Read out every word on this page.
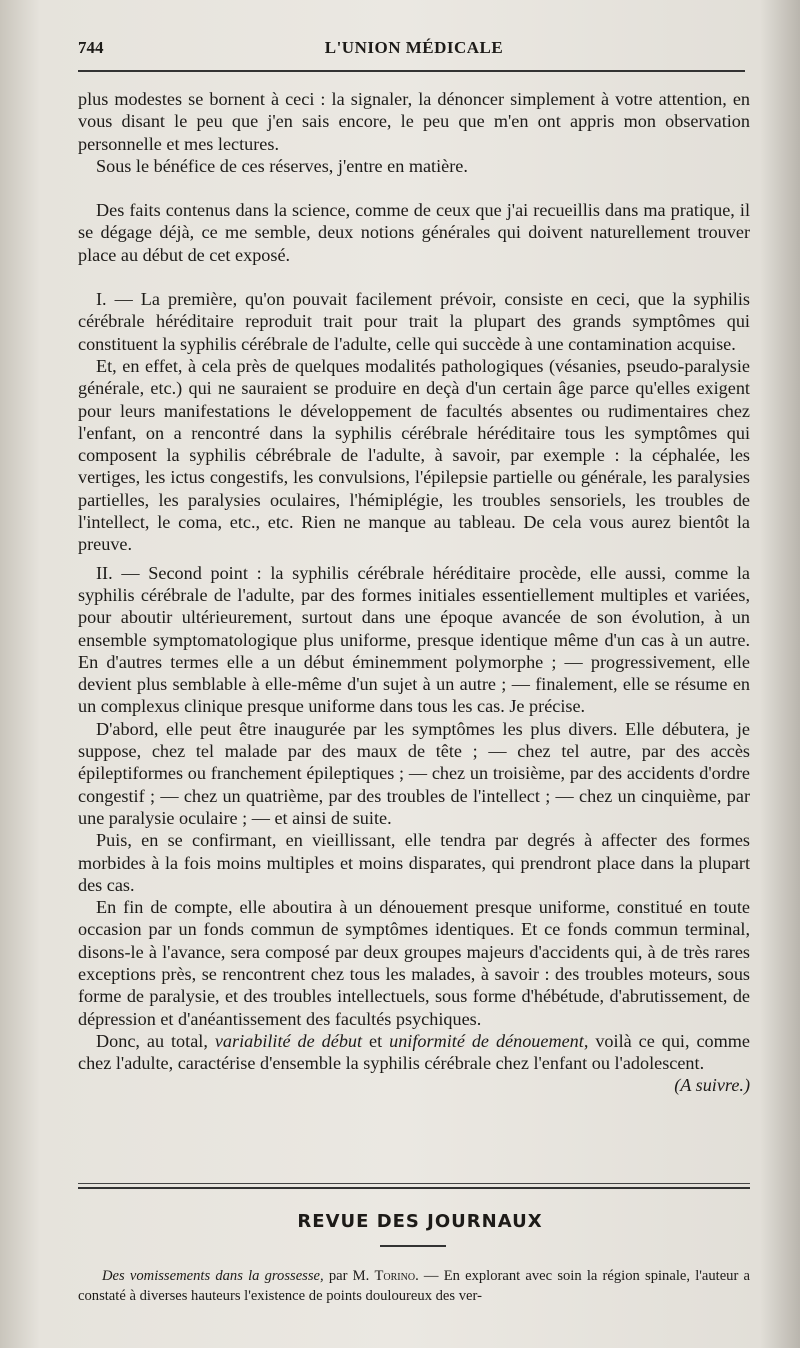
744	L'UNION MÉDICALE

plus modestes se bornent à ceci : la signaler, la dénoncer simplement à votre attention, en vous disant le peu que j'en sais encore, le peu que m'en ont appris mon observation personnelle et mes lectures.

Sous le bénéfice de ces réserves, j'entre en matière.

Des faits contenus dans la science, comme de ceux que j'ai recueillis dans ma pratique, il se dégage déjà, ce me semble, deux notions générales qui doivent naturellement trouver place au début de cet exposé.

I. — La première, qu'on pouvait facilement prévoir, consiste en ceci, que la syphilis cérébrale héréditaire reproduit trait pour trait la plupart des grands symptômes qui constituent la syphilis cérébrale de l'adulte, celle qui succède à une contamination acquise.

Et, en effet, à cela près de quelques modalités pathologiques (vésanies, pseudo-paralysie générale, etc.) qui ne sauraient se produire en deçà d'un certain âge parce qu'elles exigent pour leurs manifestations le développement de facultés absentes ou rudimentaires chez l'enfant, on a rencontré dans la syphilis cérébrale héréditaire tous les symptômes qui composent la syphilis cébrébrale de l'adulte, à savoir, par exemple : la céphalée, les vertiges, les ictus congestifs, les convulsions, l'épilepsie partielle ou générale, les paralysies partielles, les paralysies oculaires, l'hémiplégie, les troubles sensoriels, les troubles de l'intellect, le coma, etc., etc. Rien ne manque au tableau. De cela vous aurez bientôt la preuve.

II. — Second point : la syphilis cérébrale héréditaire procède, elle aussi, comme la syphilis cérébrale de l'adulte, par des formes initiales essentiellement multiples et variées, pour aboutir ultérieurement, surtout dans une époque avancée de son évolution, à un ensemble symptomatologique plus uniforme, presque identique même d'un cas à un autre. En d'autres termes elle a un début éminemment polymorphe ; — progressivement, elle devient plus semblable à elle-même d'un sujet à un autre ; — finalement, elle se résume en un complexus clinique presque uniforme dans tous les cas. Je précise.

D'abord, elle peut être inaugurée par les symptômes les plus divers. Elle débutera, je suppose, chez tel malade par des maux de tête ; — chez tel autre, par des accès épileptiformes ou franchement épileptiques ; — chez un troisième, par des accidents d'ordre congestif ; — chez un quatrième, par des troubles de l'intellect ; — chez un cinquième, par une paralysie oculaire ; — et ainsi de suite.

Puis, en se confirmant, en vieillissant, elle tendra par degrés à affecter des formes morbides à la fois moins multiples et moins disparates, qui prendront place dans la plupart des cas.

En fin de compte, elle aboutira à un dénouement presque uniforme, constitué en toute occasion par un fonds commun de symptômes identiques. Et ce fonds commun terminal, disons-le à l'avance, sera composé par deux groupes majeurs d'accidents qui, à de très rares exceptions près, se rencontrent chez tous les malades, à savoir : des troubles moteurs, sous forme de paralysie, et des troubles intellectuels, sous forme d'hébétude, d'abrutissement, de dépression et d'anéantissement des facultés psychiques.

Donc, au total, variabilité de début et uniformité de dénouement, voilà ce qui, comme chez l'adulte, caractérise d'ensemble la syphilis cérébrale chez l'enfant ou l'adolescent.
(A suivre.)

REVUE DES JOURNAUX

Des vomissements dans la grossesse, par M. Torino. — En explorant avec soin la région spinale, l'auteur a constaté à diverses hauteurs l'existence de points douloureux des ver-
